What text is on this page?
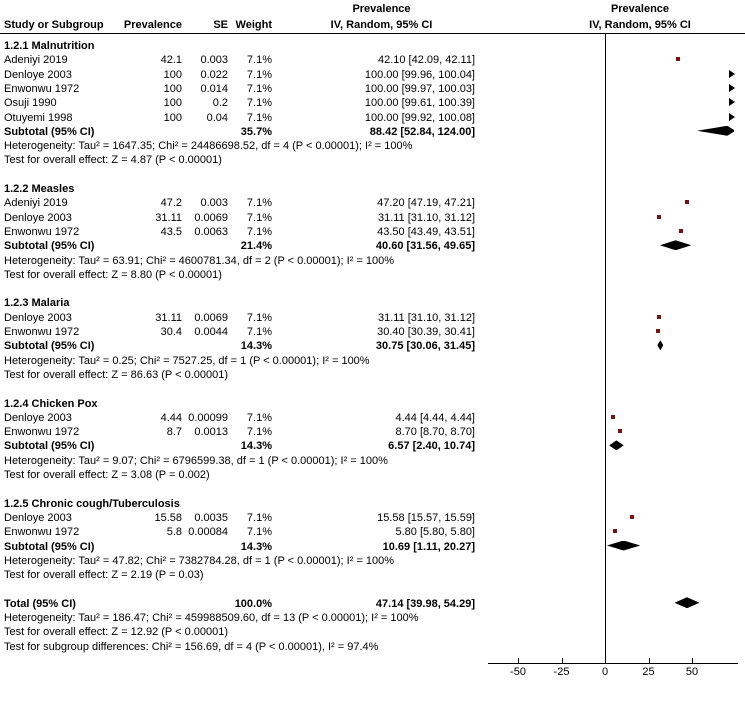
Prevalence	Prevalence
Study or Subgroup	Prevalence	SE Weight	IV, Random, 95% CI	IV, Random, 95% CI
1.2.1 Malnutrition
Adeniyi 2019	42.1	0.003	7.1%	42.10 [42.09, 42.11]
Denloye 2003	100	0.022	7.1%	100.00 [99.96, 100.04]
Enwonwu 1972	100	0.014	7.1%	100.00 [99.97, 100.03]
Osuji 1990	100	0.2	7.1%	100.00 [99.61, 100.39]
Otuyemi 1998	100	0.04	7.1%	100.00 [99.92, 100.08]
Subtotal (95% CI)	35.7%	88.42 [52.84, 124.00]
Heterogeneity: Tau² = 1647.35; Chi² = 24486698.52, df = 4 (P < 0.00001); I² = 100%
Test for overall effect: Z = 4.87 (P < 0.00001)
1.2.2 Measles
Adeniyi 2019	47.2	0.003	7.1%	47.20 [47.19, 47.21]
Denloye 2003	31.11	0.0069	7.1%	31.11 [31.10, 31.12]
Enwonwu 1972	43.5	0.0063	7.1%	43.50 [43.49, 43.51]
Subtotal (95% CI)	21.4%	40.60 [31.56, 49.65]
Heterogeneity: Tau² = 63.91; Chi² = 4600781.34, df = 2 (P < 0.00001); I² = 100%
Test for overall effect: Z = 8.80 (P < 0.00001)
1.2.3 Malaria
Denloye 2003	31.11	0.0069	7.1%	31.11 [31.10, 31.12]
Enwonwu 1972	30.4	0.0044	7.1%	30.40 [30.39, 30.41]
Subtotal (95% CI)	14.3%	30.75 [30.06, 31.45]
Heterogeneity: Tau² = 0.25; Chi² = 7527.25, df = 1 (P < 0.00001); I² = 100%
Test for overall effect: Z = 86.63 (P < 0.00001)
1.2.4 Chicken Pox
Denloye 2003	4.44 0.00099	7.1%	4.44 [4.44, 4.44]
Enwonwu 1972	8.7	0.0013	7.1%	8.70 [8.70, 8.70]
Subtotal (95% CI)	14.3%	6.57 [2.40, 10.74]
Heterogeneity: Tau² = 9.07; Chi² = 6796599.38, df = 1 (P < 0.00001); I² = 100%
Test for overall effect: Z = 3.08 (P = 0.002)
1.2.5 Chronic cough/Tuberculosis
Denloye 2003	15.58	0.0035	7.1%	15.58 [15.57, 15.59]
Enwonwu 1972	5.8 0.00084	7.1%	5.80 [5.80, 5.80]
Subtotal (95% CI)	14.3%	10.69 [1.11, 20.27]
Heterogeneity: Tau² = 47.82; Chi² = 7382784.28, df = 1 (P < 0.00001); I² = 100%
Test for overall effect: Z = 2.19 (P = 0.03)
Total (95% CI)	100.0%	47.14 [39.98, 54.29]
Heterogeneity: Tau² = 186.47; Chi² = 459988509.60, df = 13 (P < 0.00001); I² = 100%
Test for overall effect: Z = 12.92 (P < 0.00001)
Test for subgroup differences: Chi² = 156.69, df = 4 (P < 0.00001), I² = 97.4%
-50	-25	0	25	50
